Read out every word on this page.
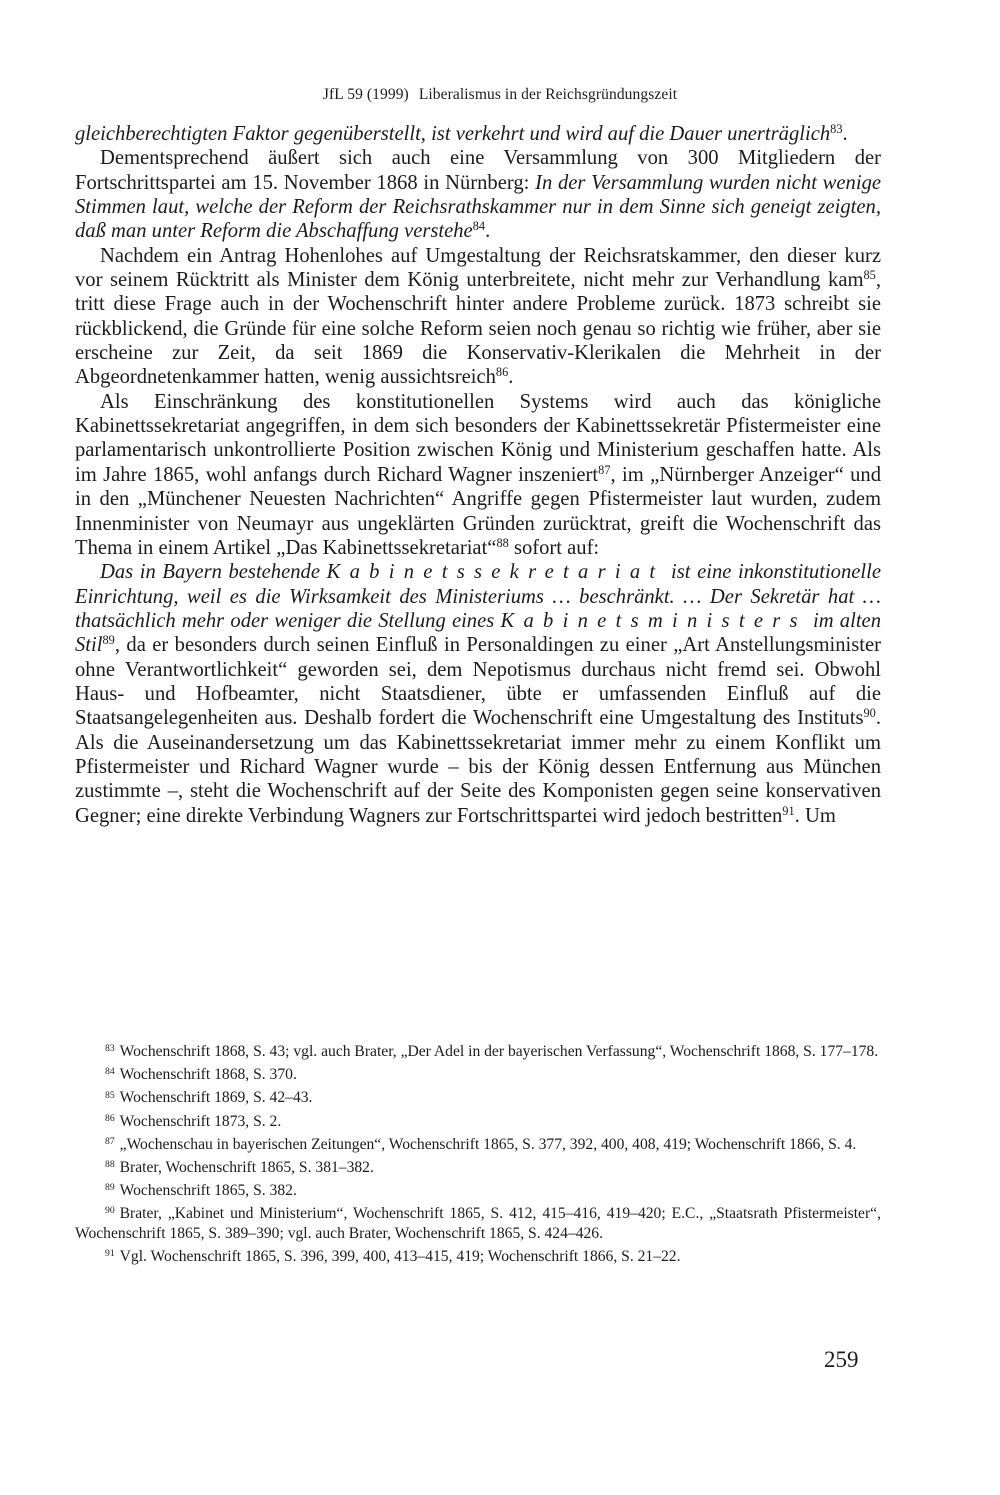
JfL 59 (1999) Liberalismus in der Reichsgründungszeit

gleichberechtigten Faktor gegenüberstellt, ist verkehrt und wird auf die Dauer unerträglich$^{83}$.

Dementsprechend äußert sich auch eine Versammlung von 300 Mitgliedern der Fortschrittspartei am 15. November 1868 in Nürnberg: In der Versammlung wurden nicht wenige Stimmen laut, welche der Reform der Reichsrathskammer nur in dem Sinne sich geneigt zeigten, daß man unter Reform die Abschaffung verstehe$^{84}$.

Nachdem ein Antrag Hohenlohes auf Umgestaltung der Reichsratskammer, den dieser kurz vor seinem Rücktritt als Minister dem König unterbreitete, nicht mehr zur Verhandlung kam$^{85}$, tritt diese Frage auch in der Wochenschrift hinter andere Probleme zurück. 1873 schreibt sie rückblickend, die Gründe für eine solche Reform seien noch genau so richtig wie früher, aber sie erscheine zur Zeit, da seit 1869 die Konservativ-Klerikalen die Mehrheit in der Abgeordnetenkammer hatten, wenig aussichtsreich$^{86}$.

Als Einschränkung des konstitutionellen Systems wird auch das königliche Kabinettssekretariat angegriffen, in dem sich besonders der Kabinettssekretär Pfistermeister eine parlamentarisch unkontrollierte Position zwischen König und Ministerium geschaffen hatte. Als im Jahre 1865, wohl anfangs durch Richard Wagner inszeniert$^{87}$, im „Nürnberger Anzeiger“ und in den „Münchener Neuesten Nachrichten“ Angriffe gegen Pfistermeister laut wurden, zudem Innenminister von Neumayr aus ungeklärten Gründen zurücktrat, greift die Wochenschrift das Thema in einem Artikel „Das Kabinettssekretariat“$^{88}$ sofort auf:

Das in Bayern bestehende Kabinetssekretariat ist eine inkonstitutionelle Einrichtung, weil es die Wirksamkeit des Ministeriums … beschränkt. … Der Sekretär hat … thatsächlich mehr oder weniger die Stellung eines Kabinetsministers im alten Stil$^{89}$, da er besonders durch seinen Einfluß in Personaldingen zu einer „Art Anstellungsminister ohne Verantwortlichkeit“ geworden sei, dem Nepotismus durchaus nicht fremd sei. Obwohl Haus- und Hofbeamter, nicht Staatsdiener, übte er umfassenden Einfluß auf die Staatsangelegenheiten aus. Deshalb fordert die Wochenschrift eine Umgestaltung des Instituts$^{90}$. Als die Auseinandersetzung um das Kabinettssekretariat immer mehr zu einem Konflikt um Pfistermeister und Richard Wagner wurde – bis der König dessen Entfernung aus München zustimmte –, steht die Wochenschrift auf der Seite des Komponisten gegen seine konservativen Gegner; eine direkte Verbindung Wagners zur Fortschrittspartei wird jedoch bestritten$^{91}$. Um

$^{83}$ Wochenschrift 1868, S. 43; vgl. auch Brater, „Der Adel in der bayerischen Verfassung“, Wochenschrift 1868, S. 177–178.

$^{84}$ Wochenschrift 1868, S. 370.

$^{85}$ Wochenschrift 1869, S. 42–43.

$^{86}$ Wochenschrift 1873, S. 2.

$^{87}$ „Wochenschau in bayerischen Zeitungen“, Wochenschrift 1865, S. 377, 392, 400, 408, 419; Wochenschrift 1866, S. 4.

$^{88}$ Brater, Wochenschrift 1865, S. 381–382.

$^{89}$ Wochenschrift 1865, S. 382.

$^{90}$ Brater, „Kabinet und Ministerium“, Wochenschrift 1865, S. 412, 415–416, 419–420; E.C., „Staatsrath Pfistermeister“, Wochenschrift 1865, S. 389–390; vgl. auch Brater, Wochenschrift 1865, S. 424–426.

$^{91}$ Vgl. Wochenschrift 1865, S. 396, 399, 400, 413–415, 419; Wochenschrift 1866, S. 21–22.

259
